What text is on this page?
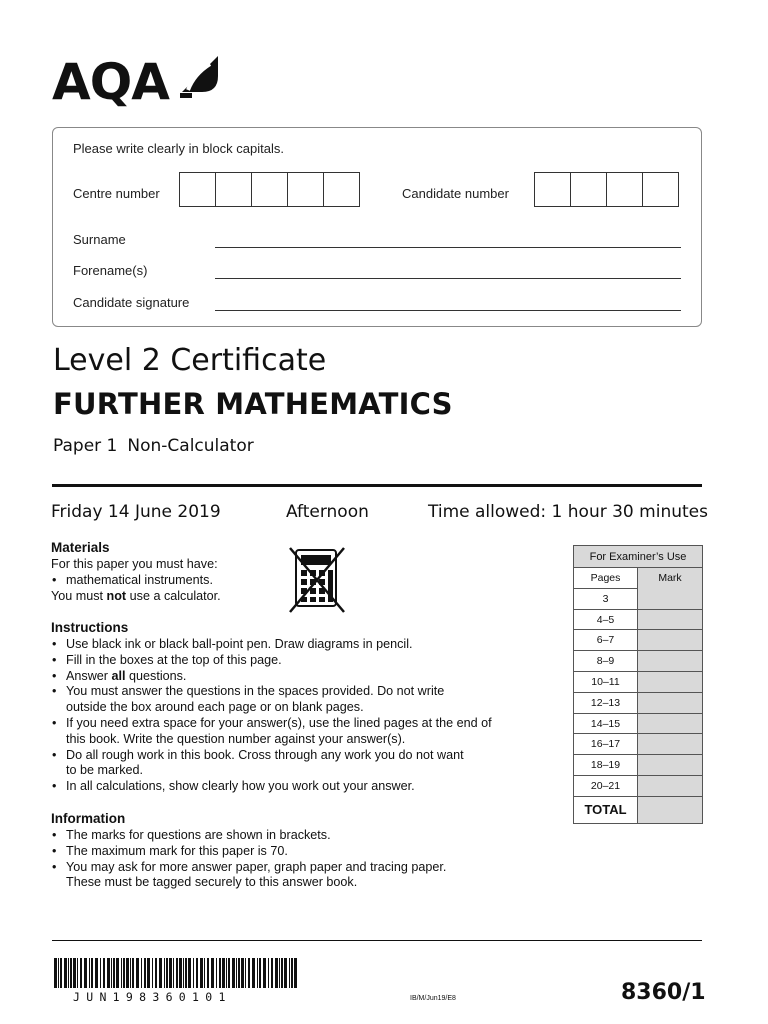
AQA
Please write clearly in block capitals.
Centre number	Candidate number
Surname
Forename(s)
Candidate signature
Level 2 Certificate
FURTHER MATHEMATICS
Paper 1 Non-Calculator
Friday 14 June 2019	Afternoon	Time allowed: 1 hour 30 minutes
Materials
For this paper you must have:
• mathematical instruments.
You must not use a calculator.
Instructions
• Use black ink or black ball-point pen. Draw diagrams in pencil.
• Fill in the boxes at the top of this page.
• Answer all questions.
• You must answer the questions in the spaces provided. Do not write
outside the box around each page or on blank pages.
• If you need extra space for your answer(s), use the lined pages at the end of
this book. Write the question number against your answer(s).
• Do all rough work in this book. Cross through any work you do not want
to be marked.
• In all calculations, show clearly how you work out your answer.
Information
• The marks for questions are shown in brackets.
• The maximum mark for this paper is 70.
• You may ask for more answer paper, graph paper and tracing paper.
These must be tagged securely to this answer book.
For Examiner’s Use
Pages	Mark
3
4–5
6–7
8–9
10–11
12–13
14–15
16–17
18–19
20–21
TOTAL
JUN198360101	IB/M/Jun19/E8	8360/1
